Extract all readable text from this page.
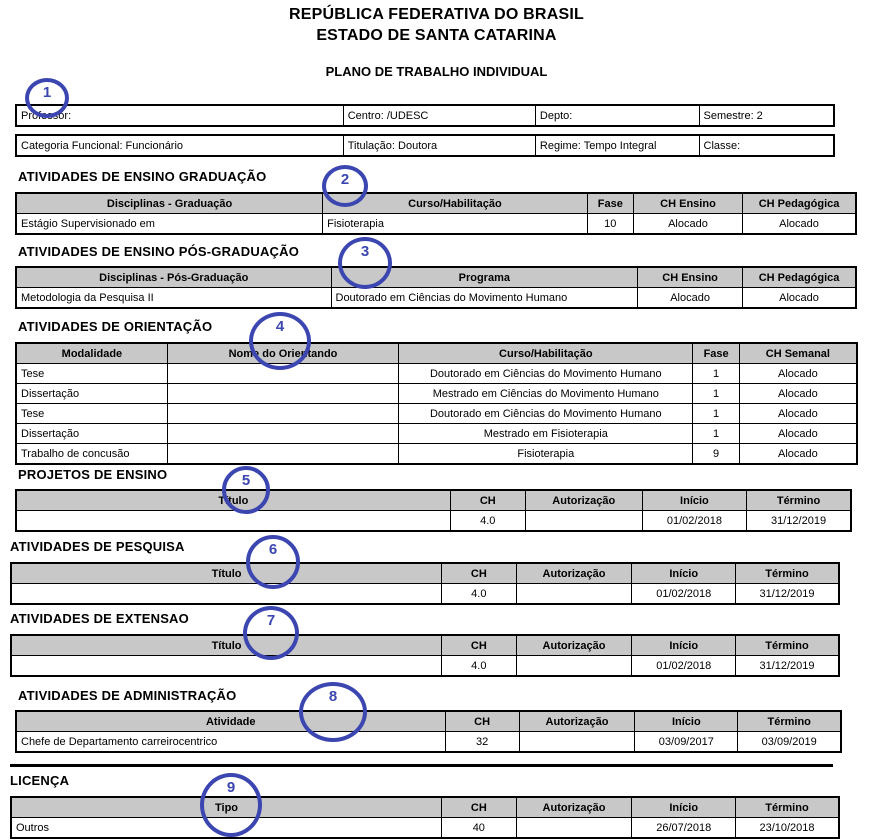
REPÚBLICA FEDERATIVA DO BRASIL
ESTADO DE SANTA CATARINA
PLANO DE TRABALHO INDIVIDUAL
Professor:	Centro: /UDESC	Depto:	Semestre: 2
Categoria Funcional: Funcionário	Titulação: Doutora	Regime: Tempo Integral	Classe:
ATIVIDADES DE ENSINO GRADUAÇÃO
Disciplinas - Graduação	Curso/Habilitação	Fase	CH Ensino	CH Pedagógica
Estágio Supervisionado em	Fisioterapia	10	Alocado	Alocado
ATIVIDADES DE ENSINO PÓS-GRADUAÇÃO
Disciplinas - Pós-Graduação	Programa	CH Ensino	CH Pedagógica
Metodologia da Pesquisa II	Doutorado em Ciências do Movimento Humano	Alocado	Alocado
ATIVIDADES DE ORIENTAÇÃO
Modalidade	Nome do Orientando	Curso/Habilitação	Fase	CH Semanal
Tese		Doutorado em Ciências do Movimento Humano	1	Alocado
Dissertação		Mestrado em Ciências do Movimento Humano	1	Alocado
Tese		Doutorado em Ciências do Movimento Humano	1	Alocado
Dissertação		Mestrado em Fisioterapia	1	Alocado
Trabalho de concusão		Fisioterapia	9	Alocado
PROJETOS DE ENSINO
Título	CH	Autorização	Início	Término
	4.0		01/02/2018	31/12/2019
ATIVIDADES DE PESQUISA
Título	CH	Autorização	Início	Término
	4.0		01/02/2018	31/12/2019
ATIVIDADES DE EXTENSAO
Título	CH	Autorização	Início	Término
	4.0		01/02/2018	31/12/2019
ATIVIDADES DE ADMINISTRAÇÃO
Atividade	CH	Autorização	Início	Término
Chefe de Departamento carreirocentrico	32		03/09/2017	03/09/2019
LICENÇA
Tipo	CH	Autorização	Início	Término
Outros	40		26/07/2018	23/10/2018
1
2
3
4
5
6
7
8
9
